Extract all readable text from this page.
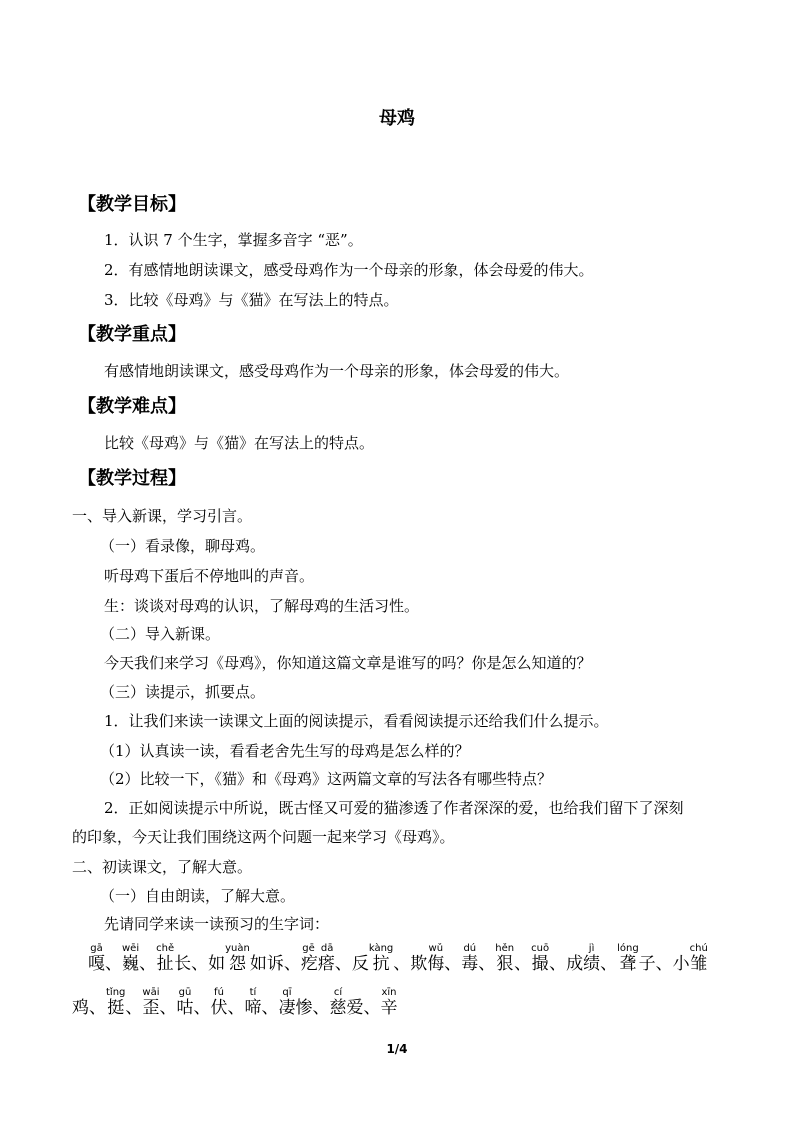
母鸡
【教学目标】
1．认识 7 个生字，掌握多音字 “恶”。
2．有感情地朗读课文，感受母鸡作为一个母亲的形象，体会母爱的伟大。
3．比较《母鸡》与《猫》在写法上的特点。
【教学重点】
有感情地朗读课文，感受母鸡作为一个母亲的形象，体会母爱的伟大。
【教学难点】
比较《母鸡》与《猫》在写法上的特点。
【教学过程】
一、导入新课，学习引言。
（一）看录像，聊母鸡。
听母鸡下蛋后不停地叫的声音。
生：谈谈对母鸡的认识，了解母鸡的生活习性。
（二）导入新课。
今天我们来学习《母鸡》，你知道这篇文章是谁写的吗？你是怎么知道的？
（三）读提示，抓要点。
1．让我们来读一读课文上面的阅读提示，看看阅读提示还给我们什么提示。
（1）认真读一读，看看老舍先生写的母鸡是怎么样的？
（2）比较一下，《猫》和《母鸡》这两篇文章的写法各有哪些特点？
2．正如阅读提示中所说，既古怪又可爱的猫渗透了作者深深的爱，也给我们留下了深刻
的印象，今天让我们围绕这两个问题一起来学习《母鸡》。
二、初读课文，了解大意。
（一）自由朗读，了解大意。
先请同学来读一读预习的生字词：
嘎gā
、 巍wēi
、 扯chě
长、如 怨yuàn
如诉、 疙瘩gē dā
、反 抗kàng
、欺 侮wǔ
、 毒dú
、 狠hěn
、 撮cuō
、成 绩jì
、 聋lóng
子、小 雏chú
鸡、 挺tǐng
、 歪wāi
、 咕gū
、 伏fú
、 啼tí
、 凄qī
惨、 慈cí
爱、 辛xīn
1/4
